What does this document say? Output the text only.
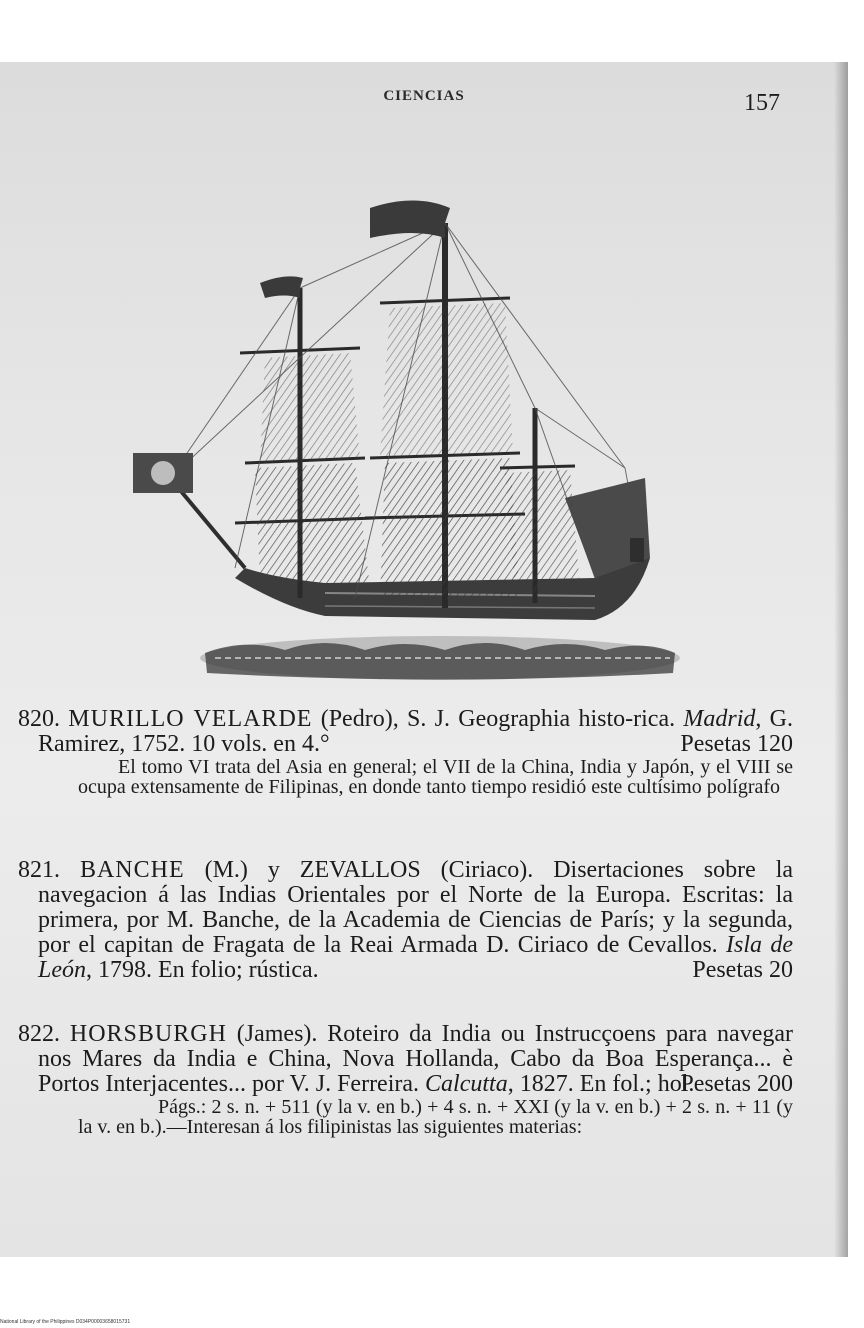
CIENCIAS	157

820. MURILLO VELARDE (Pedro), S. J. Geographia histo-rica. Madrid, G. Ramirez, 1752. 10 vols. en 4.°	Pesetas 120

El tomo VI trata del Asia en general; el VII de la China, India y Japón, y el VIII se ocupa extensamente de Filipinas, en donde tanto tiempo residió este cultísimo polígrafo

821. BANCHE (M.) y ZEVALLOS (Ciriaco). Disertaciones sobre la navegacion á las Indias Orientales por el Norte de la Europa. Escritas: la primera, por M. Banche, de la Academia de Ciencias de París; y la segunda, por el capitan de Fragata de la Reai Armada D. Ciriaco de Cevallos. Isla de León, 1798. En folio; rústica.	Pesetas 20

822. HORSBURGH (James). Roteiro da India ou Instrucçoens para navegar nos Mares da India e China, Nova Hollanda, Cabo da Boa Esperança... è Portos Interjacentes... por V. J. Ferreira. Calcutta, 1827. En fol.; hol.
Pesetas 200

Págs.: 2 s. n. + 511 (y la v. en b.) + 4 s. n. + XXI (y la v. en b.) + 2 s. n. + 11 (y la v. en b.).—Interesan á los filipinistas las siguientes materias:

National Library of the Philippines D034P00003658015731
